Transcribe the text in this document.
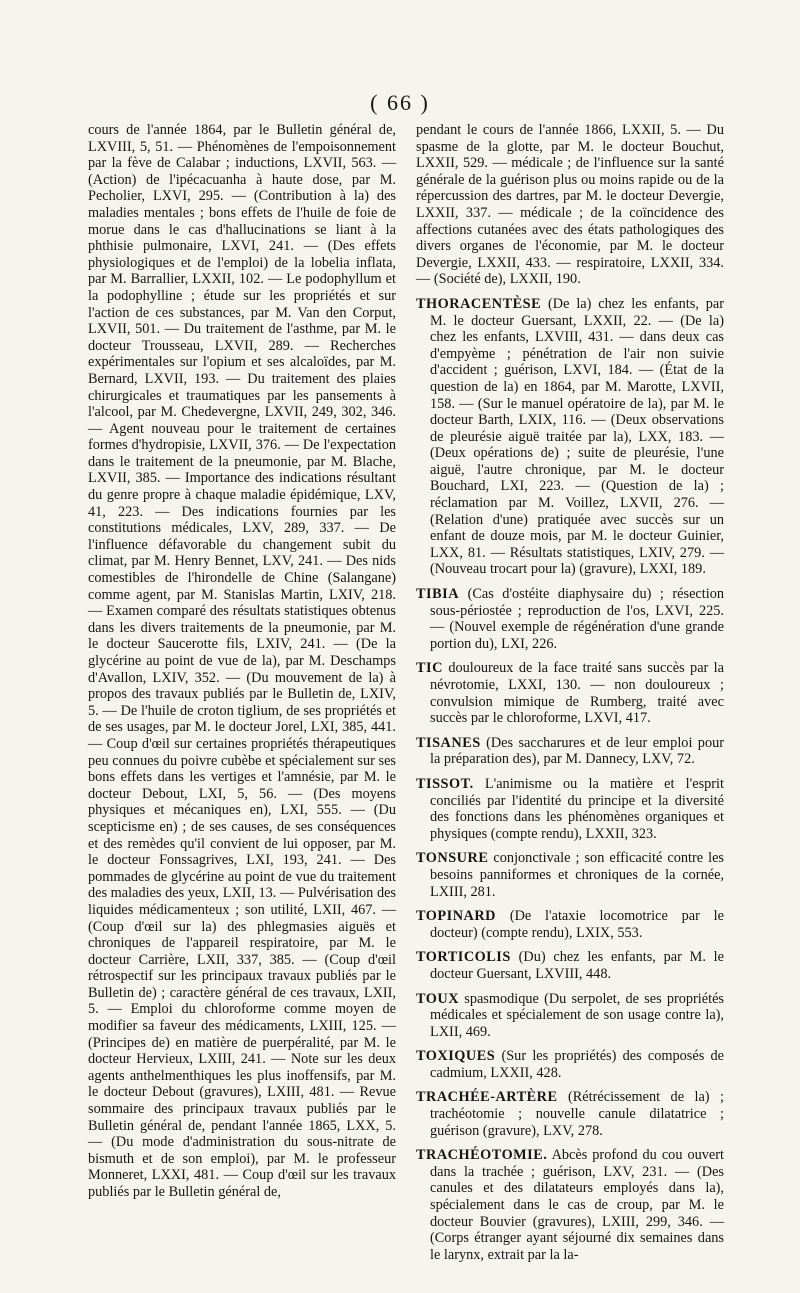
( 66 )

cours de l'année 1864, par le Bulletin général de, LXVIII, 5, 51. — Phénomènes de l'empoisonnement par la fève de Calabar ; inductions, LXVII, 563. — (Action) de l'ipécacuanha à haute dose, par M. Pecholier, LXVI, 295. — (Contribution à la) des maladies mentales ; bons effets de l'huile de foie de morue dans le cas d'hallucinations se liant à la phthisie pulmonaire, LXVI, 241. — (Des effets physiologiques et de l'emploi) de la lobelia inflata, par M. Barrallier, LXXII, 102. — Le podophyllum et la podophylline ; étude sur les propriétés et sur l'action de ces substances, par M. Van den Corput, LXVII, 501. — Du traitement de l'asthme, par M. le docteur Trousseau, LXVII, 289. — Recherches expérimentales sur l'opium et ses alcaloïdes, par M. Bernard, LXVII, 193. — Du traitement des plaies chirurgicales et traumatiques par les pansements à l'alcool, par M. Chedevergne, LXVII, 249, 302, 346. — Agent nouveau pour le traitement de certaines formes d'hydropisie, LXVII, 376. — De l'expectation dans le traitement de la pneumonie, par M. Blache, LXVII, 385. — Importance des indications résultant du genre propre à chaque maladie épidémique, LXV, 41, 223. — Des indications fournies par les constitutions médicales, LXV, 289, 337. — De l'influence défavorable du changement subit du climat, par M. Henry Bennet, LXV, 241. — Des nids comestibles de l'hirondelle de Chine (Salangane) comme agent, par M. Stanislas Martin, LXIV, 218. — Examen comparé des résultats statistiques obtenus dans les divers traitements de la pneumonie, par M. le docteur Saucerotte fils, LXIV, 241. — (De la glycérine au point de vue de la), par M. Deschamps d'Avallon, LXIV, 352. — (Du mouvement de la) à propos des travaux publiés par le Bulletin de, LXIV, 5. — De l'huile de croton tiglium, de ses propriétés et de ses usages, par M. le docteur Jorel, LXI, 385, 441. — Coup d'œil sur certaines propriétés thérapeutiques peu connues du poivre cubèbe et spécialement sur ses bons effets dans les vertiges et l'amnésie, par M. le docteur Debout, LXI, 5, 56. — (Des moyens physiques et mécaniques en), LXI, 555. — (Du scepticisme en) ; de ses causes, de ses conséquences et des remèdes qu'il convient de lui opposer, par M. le docteur Fonssagrives, LXI, 193, 241. — Des pommades de glycérine au point de vue du traitement des maladies des yeux, LXII, 13. — Pulvérisation des liquides médicamenteux ; son utilité, LXII, 467. — (Coup d'œil sur la) des phlegmasies aiguës et chroniques de l'appareil respiratoire, par M. le docteur Carrière, LXII, 337, 385. — (Coup d'œil rétrospectif sur les principaux travaux publiés par le Bulletin de) ; caractère général de ces travaux, LXII, 5. — Emploi du chloroforme comme moyen de modifier sa faveur des médicaments, LXIII, 125. — (Principes de) en matière de puerpéralité, par M. le docteur Hervieux, LXIII, 241. — Note sur les deux agents anthelmenthiques les plus inoffensifs, par M. le docteur Debout (gravures), LXIII, 481. — Revue sommaire des principaux travaux publiés par le Bulletin général de, pendant l'année 1865, LXX, 5. — (Du mode d'administration du sous-nitrate de bismuth et de son emploi), par M. le professeur Monneret, LXXI, 481. — Coup d'œil sur les travaux publiés par le Bulletin général de,

pendant le cours de l'année 1866, LXXII, 5. — Du spasme de la glotte, par M. le docteur Bouchut, LXXII, 529. — médicale ; de l'influence sur la santé générale de la guérison plus ou moins rapide ou de la répercussion des dartres, par M. le docteur Devergie, LXXII, 337. — médicale ; de la coïncidence des affections cutanées avec des états pathologiques des divers organes de l'économie, par M. le docteur Devergie, LXXII, 433. — respiratoire, LXXII, 334. — (Société de), LXXII, 190.

THORACENTÈSE (De la) chez les enfants, par M. le docteur Guersant, LXXII, 22. — (De la) chez les enfants, LXVIII, 431. — dans deux cas d'empyème ; pénétration de l'air non suivie d'accident ; guérison, LXVI, 184. — (État de la question de la) en 1864, par M. Marotte, LXVII, 158. — (Sur le manuel opératoire de la), par M. le docteur Barth, LXIX, 116. — (Deux observations de pleurésie aiguë traitée par la), LXX, 183. — (Deux opérations de) ; suite de pleurésie, l'une aiguë, l'autre chronique, par M. le docteur Bouchard, LXI, 223. — (Question de la) ; réclamation par M. Voillez, LXVII, 276. — (Relation d'une) pratiquée avec succès sur un enfant de douze mois, par M. le docteur Guinier, LXX, 81. — Résultats statistiques, LXIV, 279. — (Nouveau trocart pour la) (gravure), LXXI, 189.

TIBIA (Cas d'ostéite diaphysaire du) ; résection sous-périostée ; reproduction de l'os, LXVI, 225. — (Nouvel exemple de régénération d'une grande portion du), LXI, 226.

TIC douloureux de la face traité sans succès par la névrotomie, LXXI, 130. — non douloureux ; convulsion mimique de Rumberg, traité avec succès par le chloroforme, LXVI, 417.

TISANES (Des saccharures et de leur emploi pour la préparation des), par M. Dannecy, LXV, 72.

TISSOT. L'animisme ou la matière et l'esprit conciliés par l'identité du principe et la diversité des fonctions dans les phénomènes organiques et physiques (compte rendu), LXXII, 323.

TONSURE conjonctivale ; son efficacité contre les besoins panniformes et chroniques de la cornée, LXIII, 281.

TOPINARD (De l'ataxie locomotrice par le docteur) (compte rendu), LXIX, 553.

TORTICOLIS (Du) chez les enfants, par M. le docteur Guersant, LXVIII, 448.

TOUX spasmodique (Du serpolet, de ses propriétés médicales et spécialement de son usage contre la), LXII, 469.

TOXIQUES (Sur les propriétés) des composés de cadmium, LXXII, 428.

TRACHÉE-ARTÈRE (Rétrécissement de la) ; trachéotomie ; nouvelle canule dilatatrice ; guérison (gravure), LXV, 278.

TRACHÉOTOMIE. Abcès profond du cou ouvert dans la trachée ; guérison, LXV, 231. — (Des canules et des dilatateurs employés dans la), spécialement dans le cas de croup, par M. le docteur Bouvier (gravures), LXIII, 299, 346. — (Corps étranger ayant séjourné dix semaines dans le larynx, extrait par la la-
